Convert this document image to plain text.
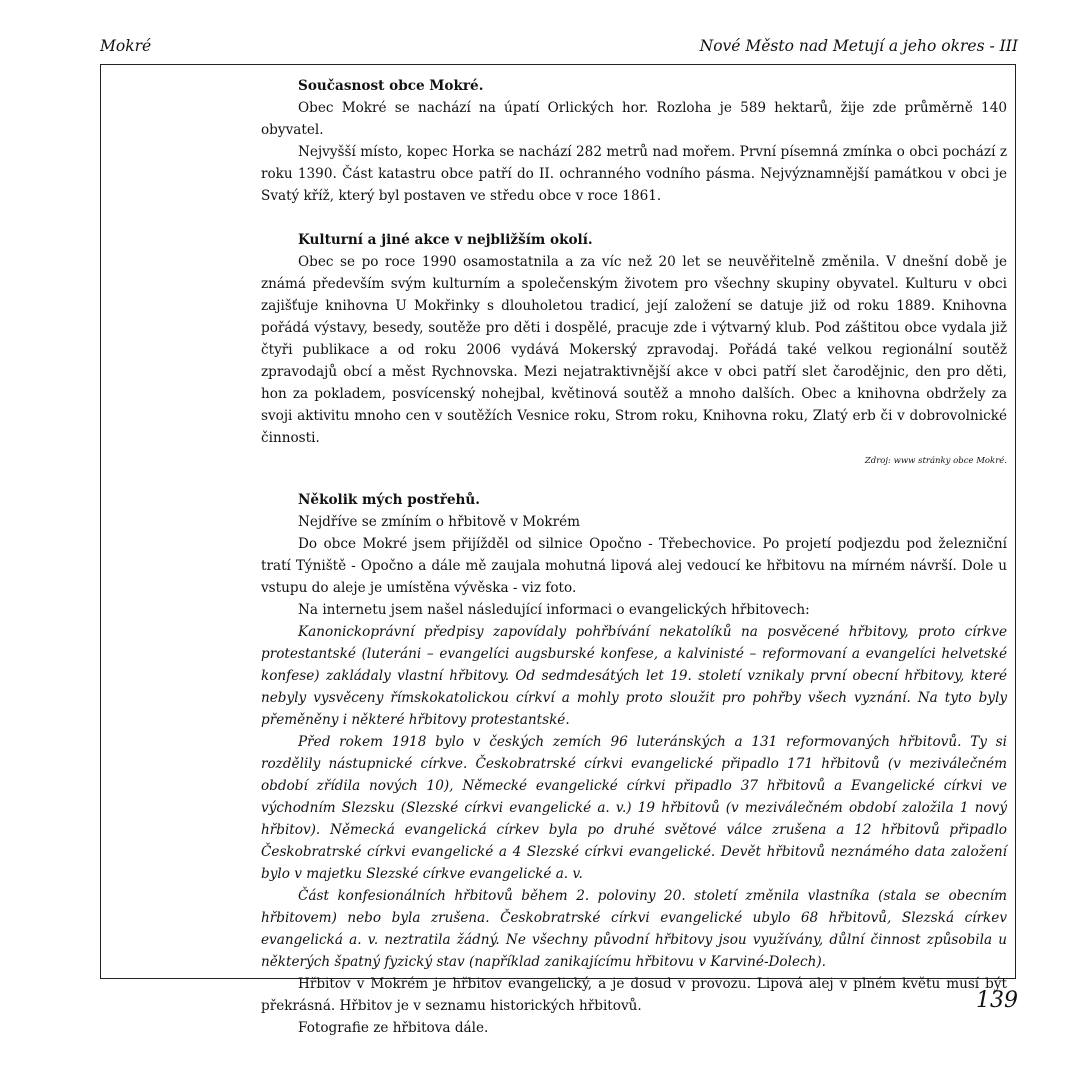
Mokré	Nové Město nad Metují a jeho okres - III
Současnost obce Mokré.

Obec Mokré se nachází na úpatí Orlických hor. Rozloha je 589 hektarů, žije zde průměrně 140 obyvatel.

Nejvyšší místo, kopec Horka se nachází 282 metrů nad mořem. První písemná zmínka o obci pochází z roku 1390. Část katastru obce patří do II. ochranného vodního pásma. Nejvýznamnější památkou v obci je Svatý kříž, který byl postaven ve středu obce v roce 1861.

Kulturní a jiné akce v nejbližším okolí.

Obec se po roce 1990 osamostatnila a za víc než 20 let se neuvěřitelně změnila. V dnešní době je známá především svým kulturním a společenským životem pro všechny skupiny obyvatel. Kulturu v obci zajišťuje knihovna U Mokřinky s dlouholetou tradicí, její založení se datuje již od roku 1889. Knihovna pořádá výstavy, besedy, soutěže pro děti i dospělé, pracuje zde i výtvarný klub. Pod záštitou obce vydala již čtyři publikace a od roku 2006 vydává Mokerský zpravodaj. Pořádá také velkou regionální soutěž zpravodajů obcí a měst Rychnovska. Mezi nejatraktivnější akce v obci patří slet čarodějnic, den pro děti, hon za pokladem, posvícenský nohejbal, květinová soutěž a mnoho dalších. Obec a knihovna obdržely za svoji aktivitu mnoho cen v soutěžích Vesnice roku, Strom roku, Knihovna roku, Zlatý erb či v dobrovolnické činnosti.

Zdroj: www stránky obce Mokré.
Několik mých postřehů.

Nejdříve se zmíním o hřbitově v Mokrém

Do obce Mokré jsem přijížděl od silnice Opočno - Třebechovice. Po projetí podjezdu pod železniční tratí Týniště - Opočno a dále mě zaujala mohutná lipová alej vedoucí ke hřbitovu na mírném návrší. Dole u vstupu do aleje je umístěna vývěska - viz foto.

Na internetu jsem našel následující informaci o evangelických hřbitovech:

Kanonickoprávní předpisy zapovídaly pohřbívání nekatolíků na posvěcené hřbitovy, proto církve protestantské (luteráni – evangelíci augsburské konfese, a kalvinisté – reformovaní a evangelíci helvetské konfese) zakládaly vlastní hřbitovy. Od sedmdesátých let 19. století vznikaly první obecní hřbitovy, které nebyly vysvěceny římskokatolickou církví a mohly proto sloužit pro pohřby všech vyznání. Na tyto byly přeměněny i některé hřbitovy protestantské.

Před rokem 1918 bylo v českých zemích 96 luteránských a 131 reformovaných hřbitovů. Ty si rozdělily nástupnické církve. Českobratrské církvi evangelické připadlo 171 hřbitovů (v meziválečném období zřídila nových 10), Německé evangelické církvi připadlo 37 hřbitovů a Evangelické církvi ve východním Slezsku (Slezské církvi evangelické a. v.) 19 hřbitovů (v meziválečném období založila 1 nový hřbitov). Německá evangelická církev byla po druhé světové válce zrušena a 12 hřbitovů připadlo Českobratrské církvi evangelické a 4 Slezské církvi evangelické. Devět hřbitovů neznámého data založení bylo v majetku Slezské církve evangelické a. v.

Část konfesionálních hřbitovů během 2. poloviny 20. století změnila vlastníka (stala se obecním hřbitovem) nebo byla zrušena. Českobratrské církvi evangelické ubylo 68 hřbitovů, Slezská církev evangelická a. v. neztratila žádný. Ne všechny původní hřbitovy jsou využívány, důlní činnost způsobila u některých špatný fyzický stav (například zanikajícímu hřbitovu v Karviné-Dolech).

Hřbitov v Mokrém je hřbitov evangelický, a je dosud v provozu. Lipová alej v plném květu musí být překrásná. Hřbitov je v seznamu historických hřbitovů.

Fotografie ze hřbitova dále.

139
